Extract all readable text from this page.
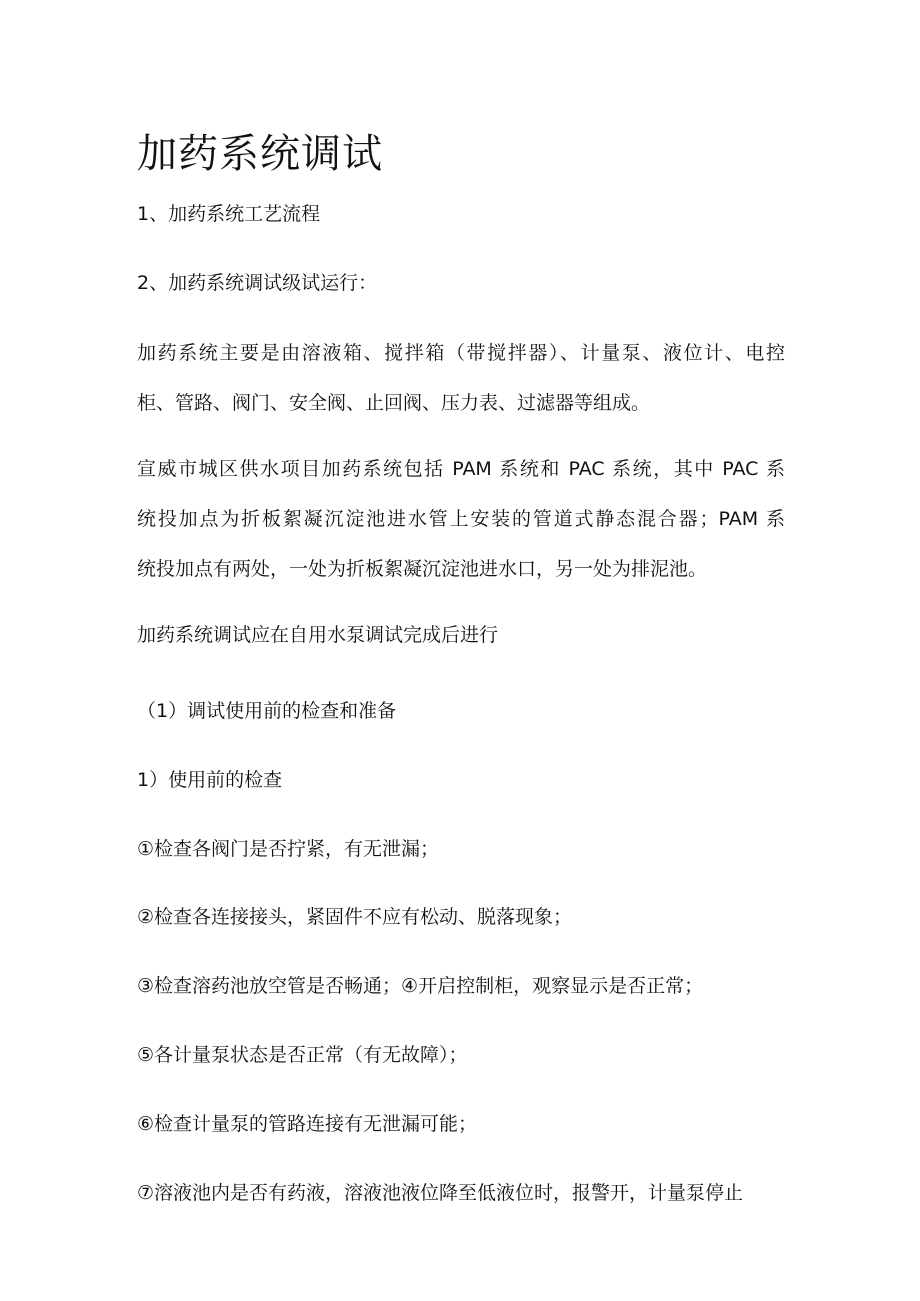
加药系统调试

1、加药系统工艺流程

2、加药系统调试级试运行：

加药系统主要是由溶液箱、搅拌箱（带搅拌器）、计量泵、液位计、电控
柜、管路、阀门、安全阀、止回阀、压力表、过滤器等组成。
宣威市城区供水项目加药系统包括 PAM 系统和 PAC 系统，其中 PAC 系
统投加点为折板絮凝沉淀池进水管上安装的管道式静态混合器；PAM 系
统投加点有两处，一处为折板絮凝沉淀池进水口，另一处为排泥池。

加药系统调试应在自用水泵调试完成后进行

（1）调试使用前的检查和准备

1）使用前的检查

①检查各阀门是否拧紧，有无泄漏；

②检查各连接接头，紧固件不应有松动、脱落现象；

③检查溶药池放空管是否畅通；④开启控制柜，观察显示是否正常；

⑤各计量泵状态是否正常（有无故障）；

⑥检查计量泵的管路连接有无泄漏可能；

⑦溶液池内是否有药液，溶液池液位降至低液位时，报警开，计量泵停止
